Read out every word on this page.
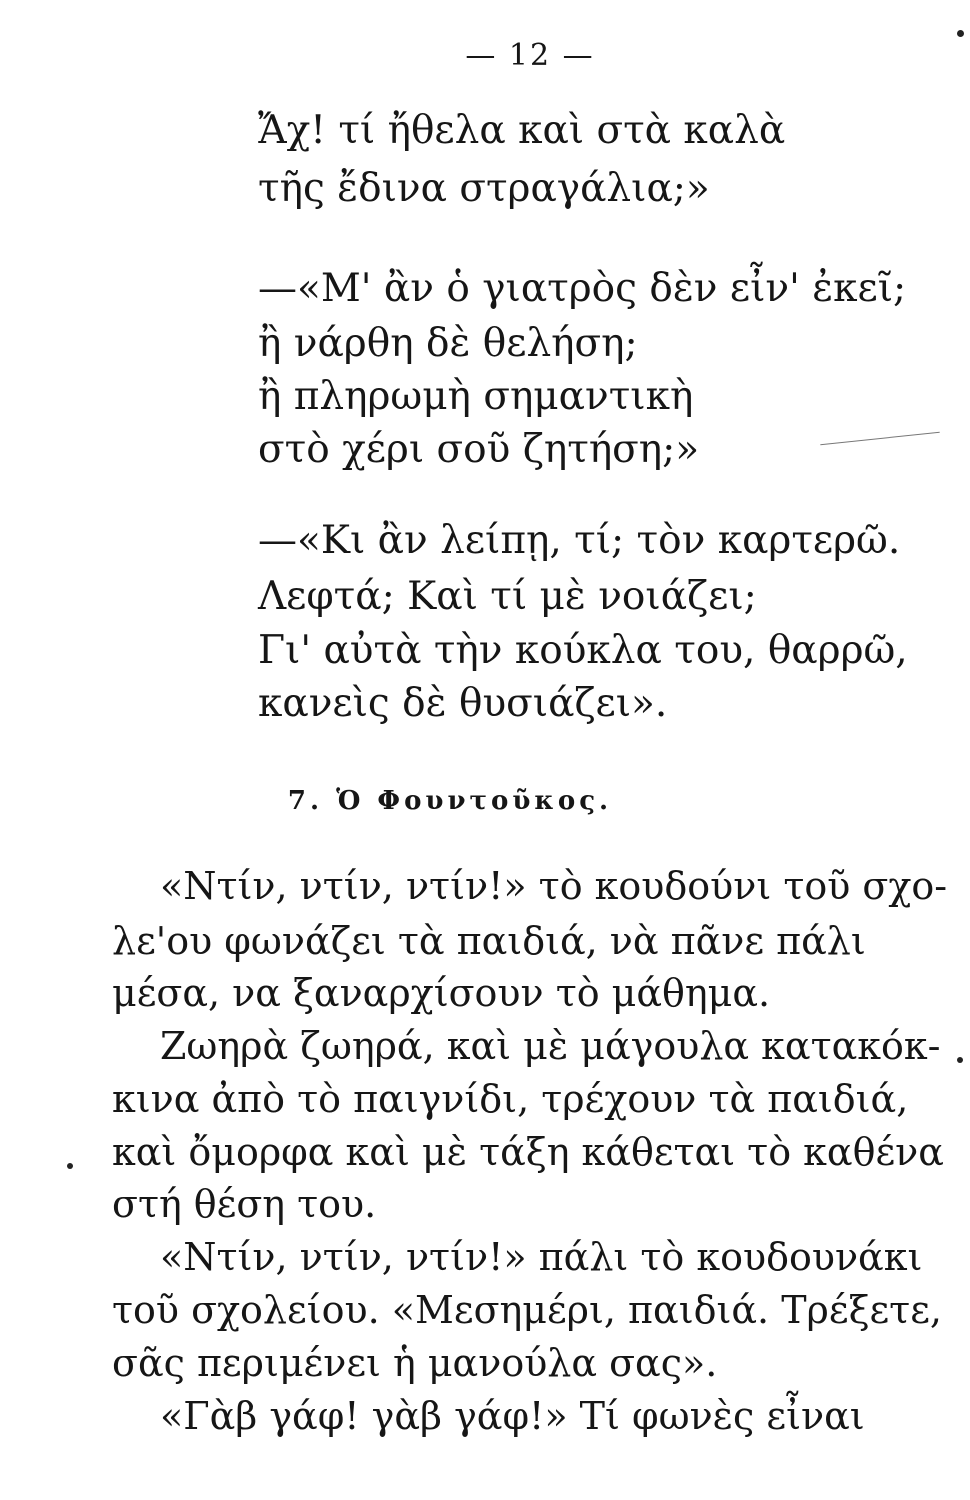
— 12 —
Ἄχ! τί ἤθελα καὶ στὰ καλὰ
τῆς ἔδινα στραγάλια;»
—«Μ' ἂν ὁ γιατρὸς δὲν εἶν' ἐκεῖ;
ἢ νάρθη δὲ θελήση;
ἢ πληρωμὴ σημαντικὴ
στὸ χέρι σοῦ ζητήση;»
—«Κι ἂν λείπῃ, τί; τὸν καρτερῶ.
Λεφτά; Καὶ τί μὲ νοιάζει;
Γι' αὐτὰ τὴν κούκλα του, θαρρῶ,
κανεὶς δὲ θυσιάζει».
7. Ὁ Φουντοῦκος.
«Ντίν, ντίν, ντίν!» τὸ κουδούνι τοῦ σχο-
λε'ου φωνάζει τὰ παιδιά, νὰ πᾶνε πάλι
μέσα, να ξαναρχίσουν τὸ μάθημα.
Ζωηρὰ ζωηρά, καὶ μὲ μάγουλα κατακόκ-
κινα ἀπὸ τὸ παιγνίδι, τρέχουν τὰ παιδιά,
καὶ ὄμορφα καὶ μὲ τάξη κάθεται τὸ καθένα
στή θέση του.
«Ντίν, ντίν, ντίν!» πάλι τὸ κουδουνάκι
τοῦ σχολείου. «Μεσημέρι, παιδιά. Τρέξετε,
σᾶς περιμένει ἡ μανούλα σας».
«Γὰβ γάφ! γὰβ γάφ!» Τί φωνὲς εἶναι
